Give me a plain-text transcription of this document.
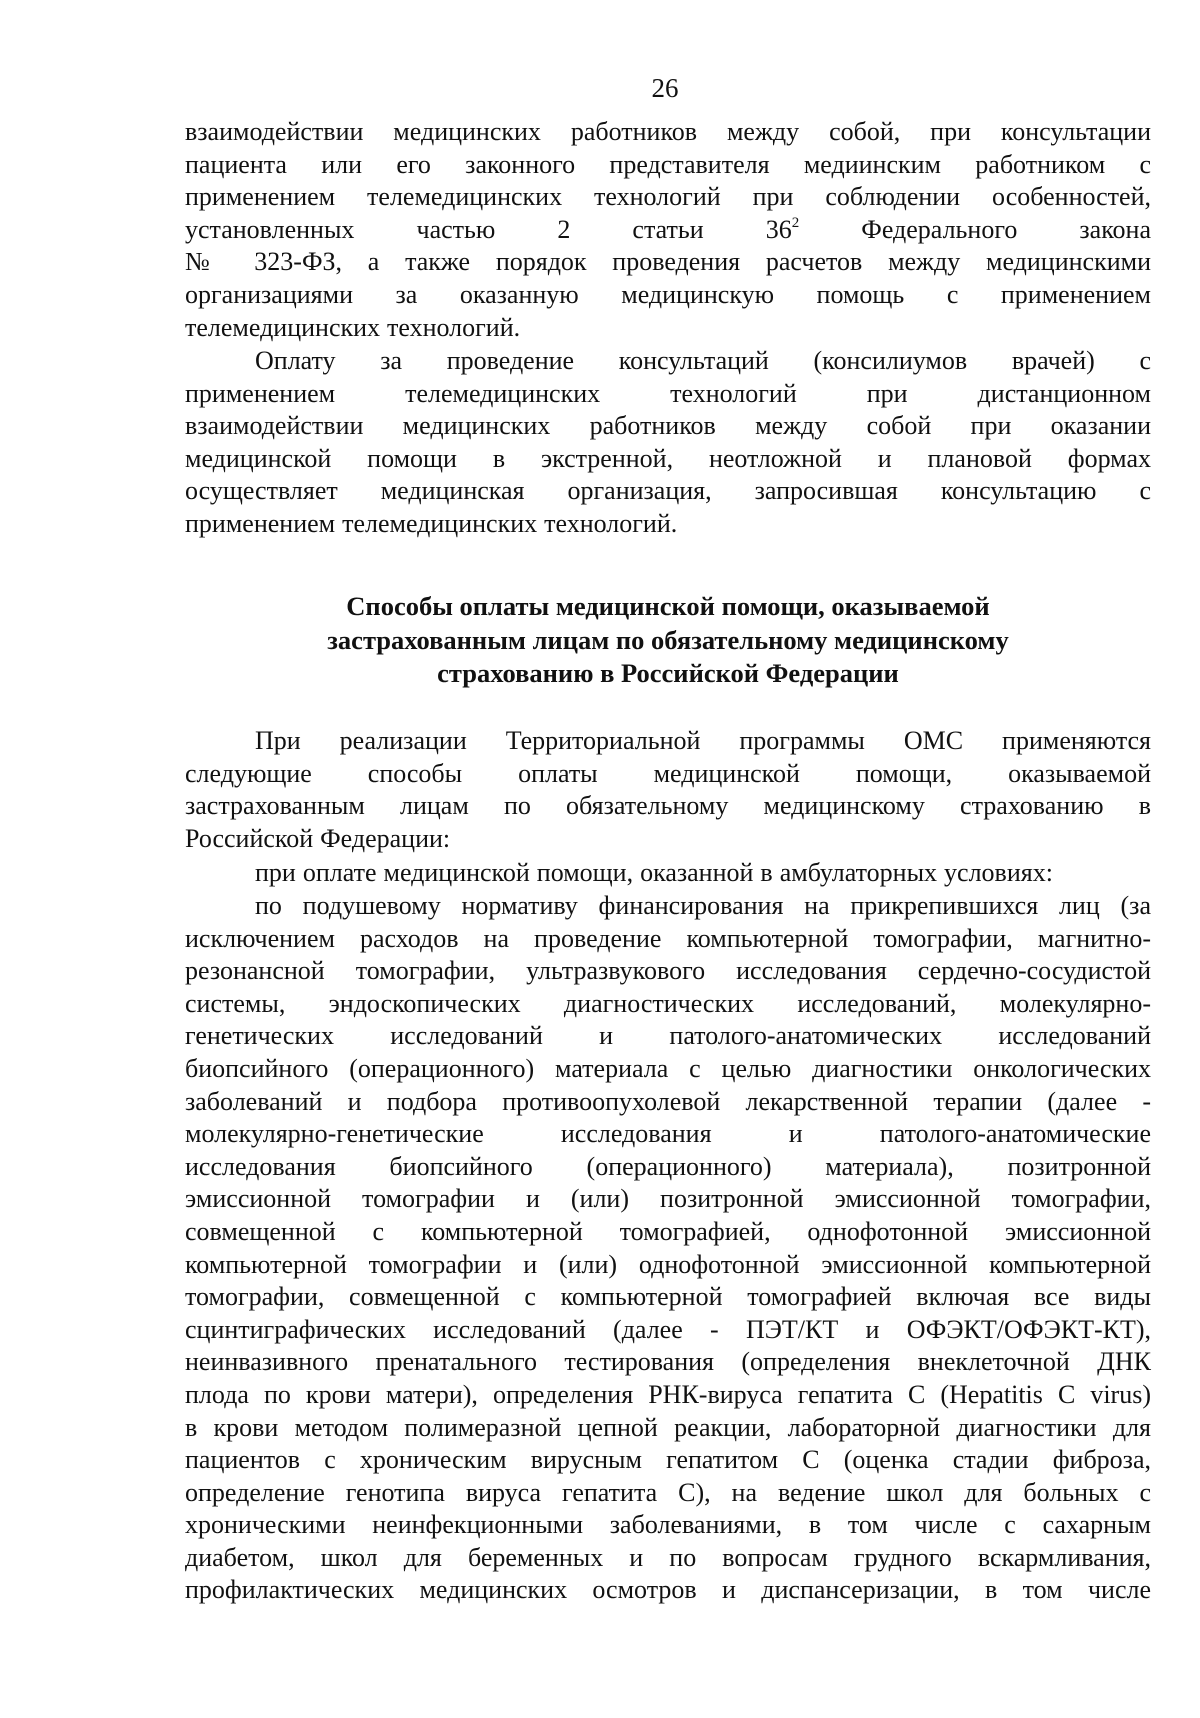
26
взаимодействии медицинских работников между собой, при консультации
пациента или его законного представителя медиинским работником с
применением телемедицинских технологий при соблюдении особенностей,
установленных частью 2 статьи $36^2$ Федерального закона
№ 323-ФЗ, а также порядок проведения расчетов между медицинскими
организациями за оказанную медицинскую помощь с применением
телемедицинских технологий.
Оплату за проведение консультаций (консилиумов врачей) с
применением телемедицинских технологий при дистанционном
взаимодействии медицинских работников между собой при оказании
медицинской помощи в экстренной, неотложной и плановой формах
осуществляет медицинская организация, запросившая консультацию с
применением телемедицинских технологий.
Способы оплаты медицинской помощи, оказываемой
застрахованным лицам по обязательному медицинскому
страхованию в Российской Федерации
При реализации Территориальной программы ОМС применяются
следующие способы оплаты медицинской помощи, оказываемой
застрахованным лицам по обязательному медицинскому страхованию в
Российской Федерации:
при оплате медицинской помощи, оказанной в амбулаторных условиях:
по подушевому нормативу финансирования на прикрепившихся лиц (за
исключением расходов на проведение компьютерной томографии, магнитно-
резонансной томографии, ультразвукового исследования сердечно-сосудистой
системы, эндоскопических диагностических исследований, молекулярно-
генетических исследований и патолого-анатомических исследований
биопсийного (операционного) материала с целью диагностики онкологических
заболеваний и подбора противоопухолевой лекарственной терапии (далее -
молекулярно-генетические исследования и патолого-анатомические
исследования биопсийного (операционного) материала), позитронной
эмиссионной томографии и (или) позитронной эмиссионной томографии,
совмещенной с компьютерной томографией, однофотонной эмиссионной
компьютерной томографии и (или) однофотонной эмиссионной компьютерной
томографии, совмещенной с компьютерной томографией включая все виды
сцинтиграфических исследований (далее - ПЭТ/КТ и ОФЭКТ/ОФЭКТ-КТ),
неинвазивного пренатального тестирования (определения внеклеточной ДНК
плода по крови матери), определения РНК-вируса гепатита C (Hepatitis C virus)
в крови методом полимеразной цепной реакции, лабораторной диагностики для
пациентов с хроническим вирусным гепатитом C (оценка стадии фиброза,
определение генотипа вируса гепатита C), на ведение школ для больных с
хроническими неинфекционными заболеваниями, в том числе с сахарным
диабетом, школ для беременных и по вопросам грудного вскармливания,
профилактических медицинских осмотров и диспансеризации, в том числе
